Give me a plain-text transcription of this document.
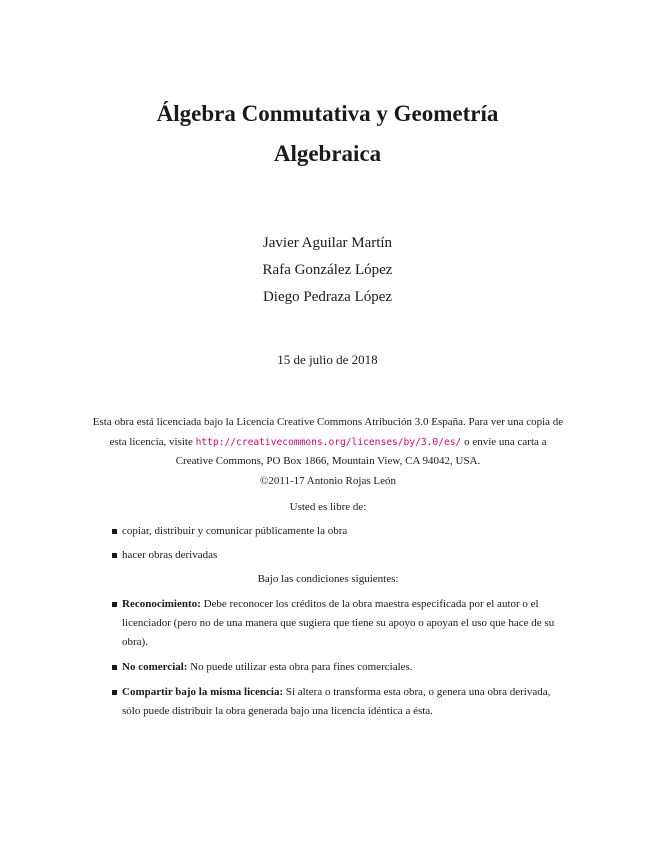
Álgebra Conmutativa y Geometría
Algebraica
Javier Aguilar Martín
Rafa González López
Diego Pedraza López
15 de julio de 2018
Esta obra está licenciada bajo la Licencia Creative Commons Atribución 3.0 España. Para ver una copia de esta licencia, visite http://creativecommons.org/licenses/by/3.0/es/ o envíe una carta a Creative Commons, PO Box 1866, Mountain View, CA 94042, USA.
©2011-17 Antonio Rojas León
Usted es libre de:
copiar, distribuir y comunicar públicamente la obra
hacer obras derivadas
Bajo las condiciones siguientes:
Reconocimiento: Debe reconocer los créditos de la obra maestra especificada por el autor o el licenciador (pero no de una manera que sugiera que tiene su apoyo o apoyan el uso que hace de su obra).
No comercial: No puede utilizar esta obra para fines comerciales.
Compartir bajo la misma licencia: Si altera o transforma esta obra, o genera una obra derivada, sólo puede distribuir la obra generada bajo una licencia idéntica a ésta.
